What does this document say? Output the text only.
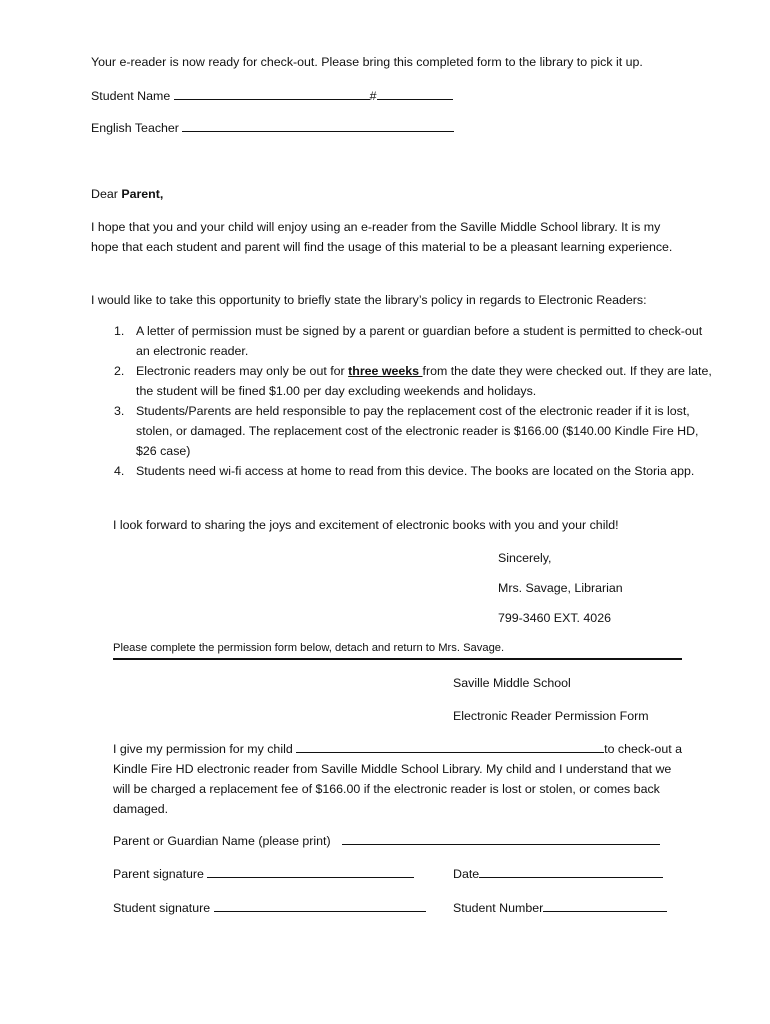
Your e-reader is now ready for check-out. Please bring this completed form to the library to pick it up.
Student Name	#
English Teacher
Dear Parent,
I hope that you and your child will enjoy using an e-reader from the Saville Middle School library. It is my hope that each student and parent will find the usage of this material to be a pleasant learning experience.
I would like to take this opportunity to briefly state the library’s policy in regards to Electronic Readers:
1. A letter of permission must be signed by a parent or guardian before a student is permitted to check-out an electronic reader.
2. Electronic readers may only be out for three weeks from the date they were checked out. If they are late, the student will be fined $1.00 per day excluding weekends and holidays.
3. Students/Parents are held responsible to pay the replacement cost of the electronic reader if it is lost, stolen, or damaged. The replacement cost of the electronic reader is $166.00 ($140.00 Kindle Fire HD, $26 case)
4. Students need wi-fi access at home to read from this device. The books are located on the Storia app.
I look forward to sharing the joys and excitement of electronic books with you and your child!
Sincerely,
Mrs. Savage, Librarian
799-3460 EXT. 4026
Please complete the permission form below, detach and return to Mrs. Savage.
Saville Middle School
Electronic Reader Permission Form
I give my permission for my child	to check-out a Kindle Fire HD electronic reader from Saville Middle School Library. My child and I understand that we will be charged a replacement fee of $166.00 if the electronic reader is lost or stolen, or comes back damaged.
Parent or Guardian Name (please print)
Parent signature	Date
Student signature	Student Number
